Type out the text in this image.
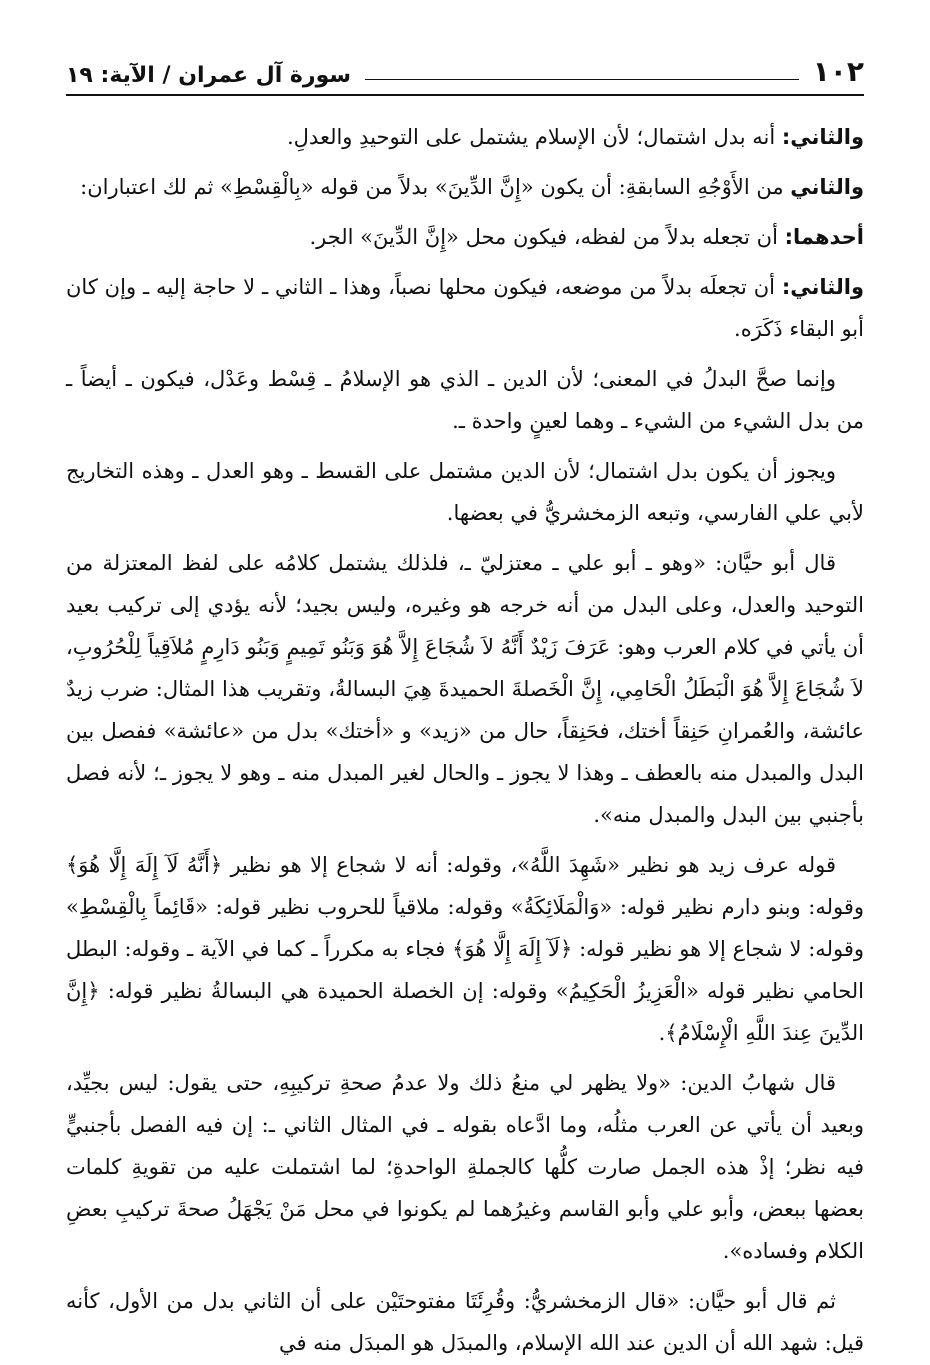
١٠٢
سورة آل عمران / الآية: ١٩

والثاني: أنه بدل اشتمال؛ لأن الإسلام يشتمل على التوحيدِ والعدلِ.

والثاني من الأَوْجُهِ السابقةِ: أن يكون «إِنَّ الدِّينَ» بدلاً من قوله «بِالْقِسْطِ» ثم لك اعتباران:

أحدهما: أن تجعله بدلاً من لفظه، فيكون محل «إِنَّ الدِّينَ» الجر.

والثاني: أن تجعلَه بدلاً من موضعه، فيكون محلها نصباً، وهذا ـ الثاني ـ لا حاجة إليه ـ وإن كان أبو البقاء ذَكَرَه.

وإنما صحَّ البدلُ في المعنى؛ لأن الدين ـ الذي هو الإسلامُ ـ قِسْط وعَدْل، فيكون ـ أيضاً ـ من بدل الشيء من الشيء ـ وهما لعينٍ واحدة ـ.

ويجوز أن يكون بدل اشتمال؛ لأن الدين مشتمل على القسط ـ وهو العدل ـ وهذه التخاريج لأبي علي الفارسي، وتبعه الزمخشريُّ في بعضها.

قال أبو حيَّان: «وهو ـ أبو علي ـ معتزليّ ـ، فلذلك يشتمل كلامُه على لفظ المعتزلة من التوحيد والعدل، وعلى البدل من أنه خرجه هو وغيره، وليس بجيد؛ لأنه يؤدي إلى تركيب بعيد أن يأتي في كلام العرب وهو: عَرَفَ زَيْدٌ أَنَّهُ لاَ شُجَاعَ إِلاَّ هُوَ وَبَنُو تَمِيمٍ وَبَنُو دَارِمٍ مُلاَقِياً لِلْحُرُوبِ، لاَ شُجَاعَ إِلاَّ هُوَ الْبَطَلُ الْحَامِي، إِنَّ الْخَصلةَ الحميدةَ هِيَ البسالةُ، وتقريب هذا المثال: ضرب زيدٌ عائشة، والعُمرانِ حَنِقاً أختك، فحَنِقاً، حال من «زيد» و «أختك» بدل من «عائشة» ففصل بين البدل والمبدل منه بالعطف ـ وهذا لا يجوز ـ والحال لغير المبدل منه ـ وهو لا يجوز ـ؛ لأنه فصل بأجنبي بين البدل والمبدل منه».

قوله عرف زيد هو نظير «شَهِدَ اللَّهُ»، وقوله: أنه لا شجاع إلا هو نظير ﴿أَنَّهُ لَآ إِلَهَ إِلَّا هُوَ﴾ وقوله: وبنو دارم نظير قوله: «وَالْمَلَائِكَةُ» وقوله: ملاقياً للحروب نظير قوله: «قَائِماً بِالْقِسْطِ» وقوله: لا شجاع إلا هو نظير قوله: ﴿لَآ إِلَهَ إِلَّا هُوَ﴾ فجاء به مكرراً ـ كما في الآية ـ وقوله: البطل الحامي نظير قوله «الْعَزِيزُ الْحَكِيمُ» وقوله: إن الخصلة الحميدة هي البسالةُ نظير قوله: ﴿إِنَّ الدِّينَ عِندَ اللَّهِ الْإِسْلَامُ﴾.

قال شهابُ الدين: «ولا يظهر لي منعُ ذلك ولا عدمُ صحةِ تركيبِهِ، حتى يقول: ليس بجيِّد، وبعيد أن يأتي عن العرب مثلُه، وما ادَّعاه بقوله ـ في المثال الثاني ـ: إن فيه الفصل بأجنبيٍّ فيه نظر؛ إذْ هذه الجمل صارت كلُّها كالجملةِ الواحدةِ؛ لما اشتملت عليه من تقويةِ كلمات بعضها ببعض، وأبو علي وأبو القاسم وغيرُهما لم يكونوا في محل مَنْ يَجْهَلُ صحةَ تركيبِ بعضِ الكلام وفساده».

ثم قال أبو حيَّان: «قال الزمخشريُّ: وقُرِئَتَا مفتوحتَيْن على أن الثاني بدل من الأول، كأنه قيل: شهد الله أن الدين عند الله الإسلام، والمبدَل هو المبدَل منه في
